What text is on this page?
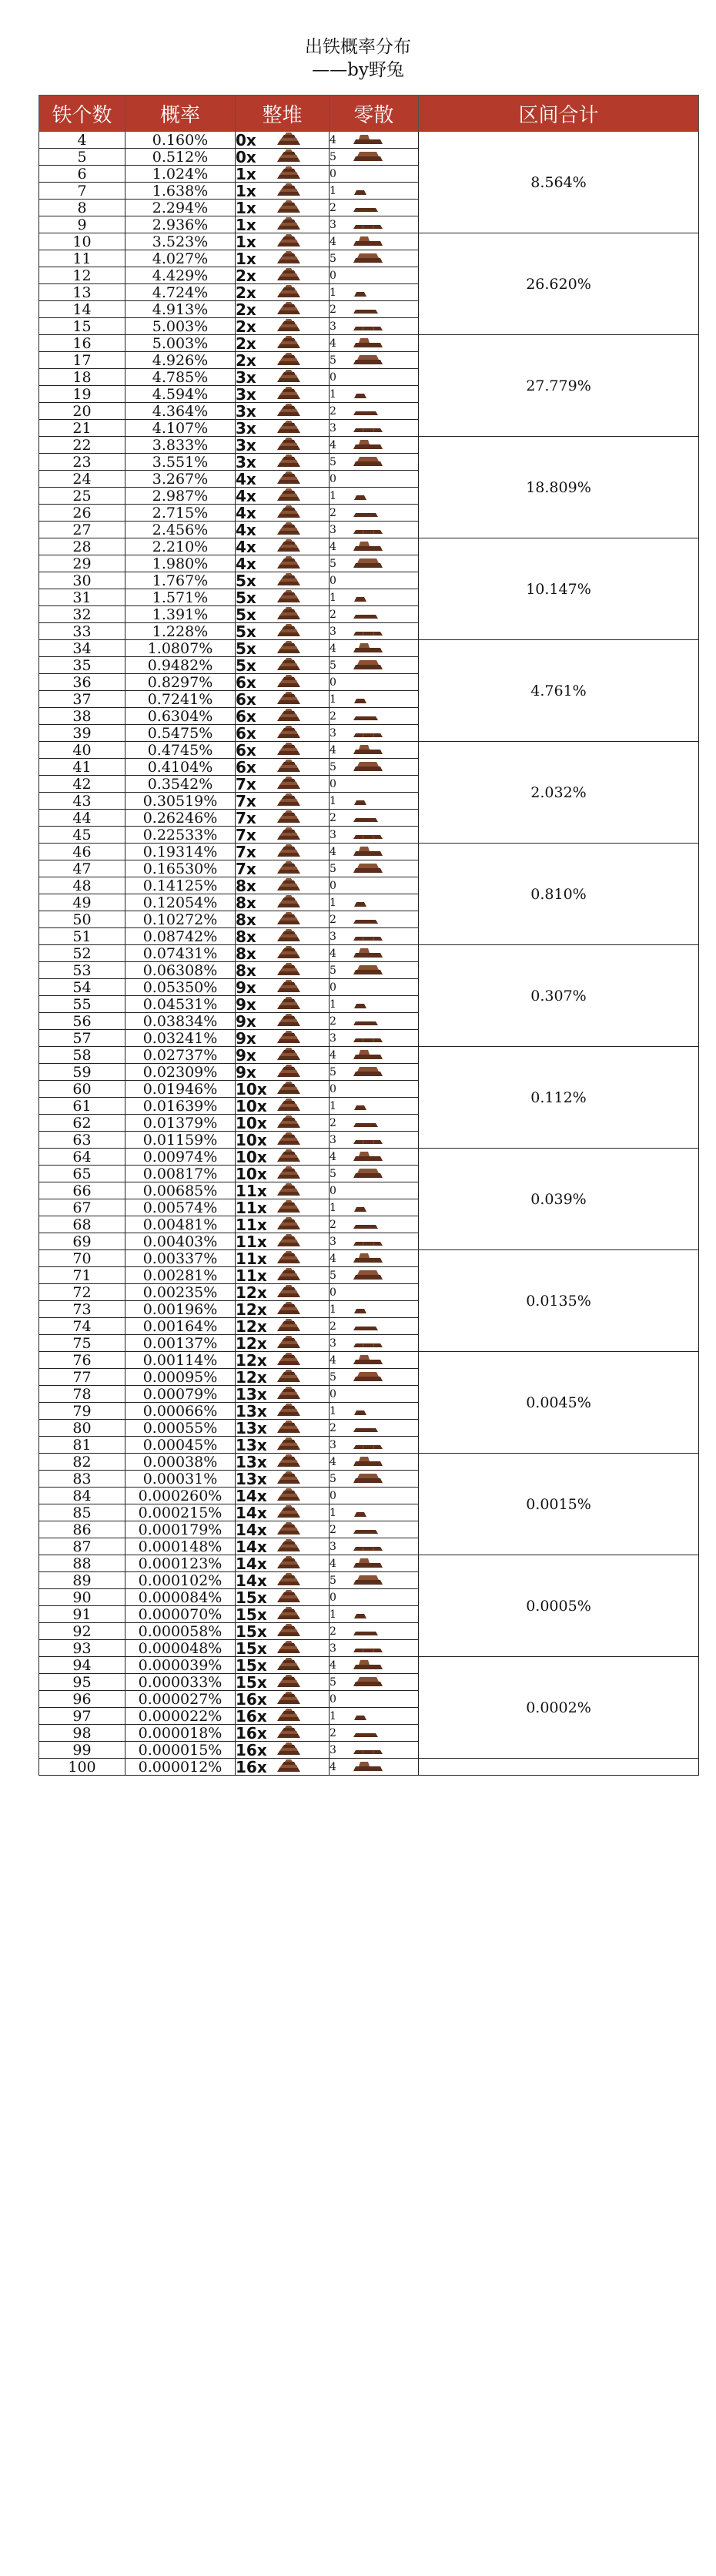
出铁概率分布
——by野兔
铁个数	概率	整堆	零散	区间合计
4	0.160%	0x	4	8.564%
5	0.512%	0x	5	
6	1.024%	1x	0	
7	1.638%	1x	1	
8	2.294%	1x	2	
9	2.936%	1x	3	
10	3.523%	1x	4	26.620%
11	4.027%	1x	5	
12	4.429%	2x	0	
13	4.724%	2x	1	
14	4.913%	2x	2	
15	5.003%	2x	3	
16	5.003%	2x	4	27.779%
17	4.926%	2x	5	
18	4.785%	3x	0	
19	4.594%	3x	1	
20	4.364%	3x	2	
21	4.107%	3x	3	
22	3.833%	3x	4	18.809%
23	3.551%	3x	5	
24	3.267%	4x	0	
25	2.987%	4x	1	
26	2.715%	4x	2	
27	2.456%	4x	3	
28	2.210%	4x	4	10.147%
29	1.980%	4x	5	
30	1.767%	5x	0	
31	1.571%	5x	1	
32	1.391%	5x	2	
33	1.228%	5x	3	
34	1.0807%	5x	4	4.761%
35	0.9482%	5x	5	
36	0.8297%	6x	0	
37	0.7241%	6x	1	
38	0.6304%	6x	2	
39	0.5475%	6x	3	
40	0.4745%	6x	4	2.032%
41	0.4104%	6x	5	
42	0.3542%	7x	0	
43	0.30519%	7x	1	
44	0.26246%	7x	2	
45	0.22533%	7x	3	
46	0.19314%	7x	4	0.810%
47	0.16530%	7x	5	
48	0.14125%	8x	0	
49	0.12054%	8x	1	
50	0.10272%	8x	2	
51	0.08742%	8x	3	
52	0.07431%	8x	4	0.307%
53	0.06308%	8x	5	
54	0.05350%	9x	0	
55	0.04531%	9x	1	
56	0.03834%	9x	2	
57	0.03241%	9x	3	
58	0.02737%	9x	4	0.112%
59	0.02309%	9x	5	
60	0.01946%	10x	0	
61	0.01639%	10x	1	
62	0.01379%	10x	2	
63	0.01159%	10x	3	
64	0.00974%	10x	4	0.039%
65	0.00817%	10x	5	
66	0.00685%	11x	0	
67	0.00574%	11x	1	
68	0.00481%	11x	2	
69	0.00403%	11x	3	
70	0.00337%	11x	4	0.0135%
71	0.00281%	11x	5	
72	0.00235%	12x	0	
73	0.00196%	12x	1	
74	0.00164%	12x	2	
75	0.00137%	12x	3	
76	0.00114%	12x	4	0.0045%
77	0.00095%	12x	5	
78	0.00079%	13x	0	
79	0.00066%	13x	1	
80	0.00055%	13x	2	
81	0.00045%	13x	3	
82	0.00038%	13x	4	0.0015%
83	0.00031%	13x	5	
84	0.000260%	14x	0	
85	0.000215%	14x	1	
86	0.000179%	14x	2	
87	0.000148%	14x	3	
88	0.000123%	14x	4	0.0005%
89	0.000102%	14x	5	
90	0.000084%	15x	0	
91	0.000070%	15x	1	
92	0.000058%	15x	2	
93	0.000048%	15x	3	
94	0.000039%	15x	4	0.0002%
95	0.000033%	15x	5	
96	0.000027%	16x	0	
97	0.000022%	16x	1	
98	0.000018%	16x	2	
99	0.000015%	16x	3	
100	0.000012%	16x	4	
